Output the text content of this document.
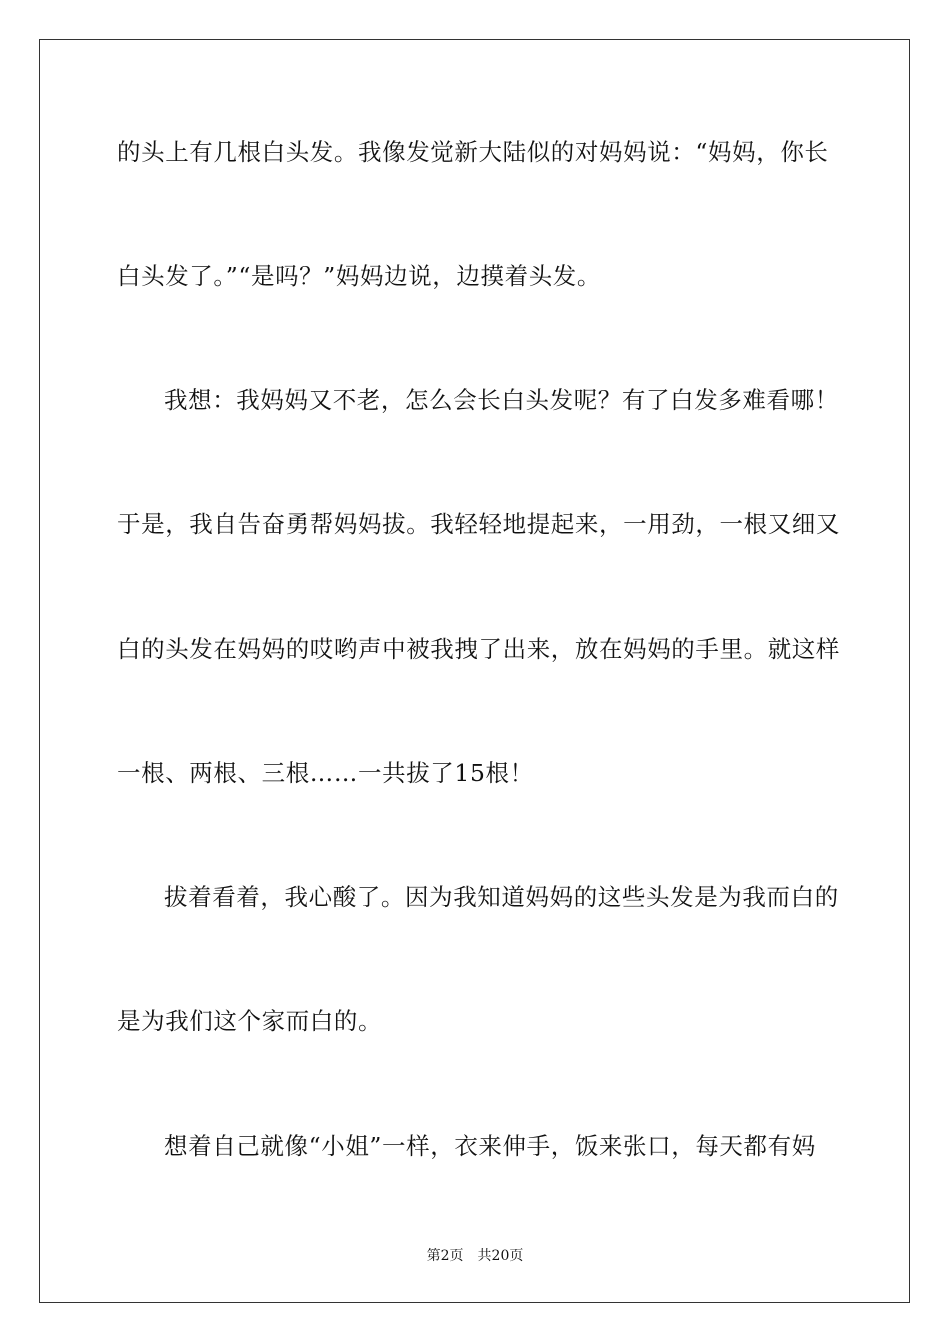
的头上有几根白头发。我像发觉新大陆似的对妈妈说：“妈妈，你长
白头发了。”“是吗？”妈妈边说，边摸着头发。
我想：我妈妈又不老，怎么会长白头发呢？有了白发多难看哪！
于是，我自告奋勇帮妈妈拔。我轻轻地提起来，一用劲，一根又细又
白的头发在妈妈的哎哟声中被我拽了出来，放在妈妈的手里。就这样
一根、两根、三根……一共拔了15根！
拔着看着，我心酸了。因为我知道妈妈的这些头发是为我而白的
是为我们这个家而白的。
想着自己就像“小姐”一样，衣来伸手，饭来张口，每天都有妈
第2页 共20页
